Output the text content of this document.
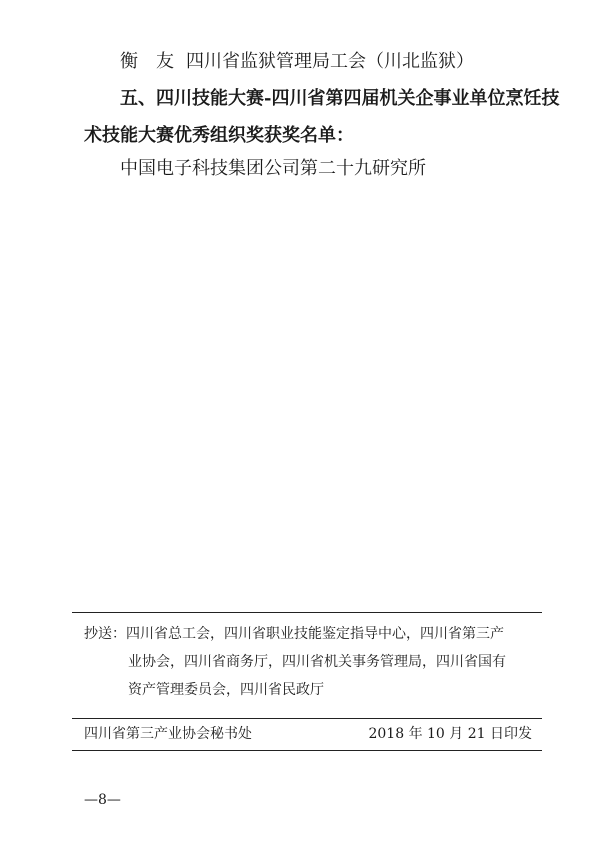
衡　友 四川省监狱管理局工会（川北监狱）
五、四川技能大赛-四川省第四届机关企事业单位烹饪技
术技能大赛优秀组织奖获奖名单：
中国电子科技集团公司第二十九研究所
抄送：四川省总工会，四川省职业技能鉴定指导中心，四川省第三产
业协会，四川省商务厅，四川省机关事务管理局，四川省国有
资产管理委员会，四川省民政厅
四川省第三产业协会秘书处	2018 年 10 月 21 日印发
—8—
